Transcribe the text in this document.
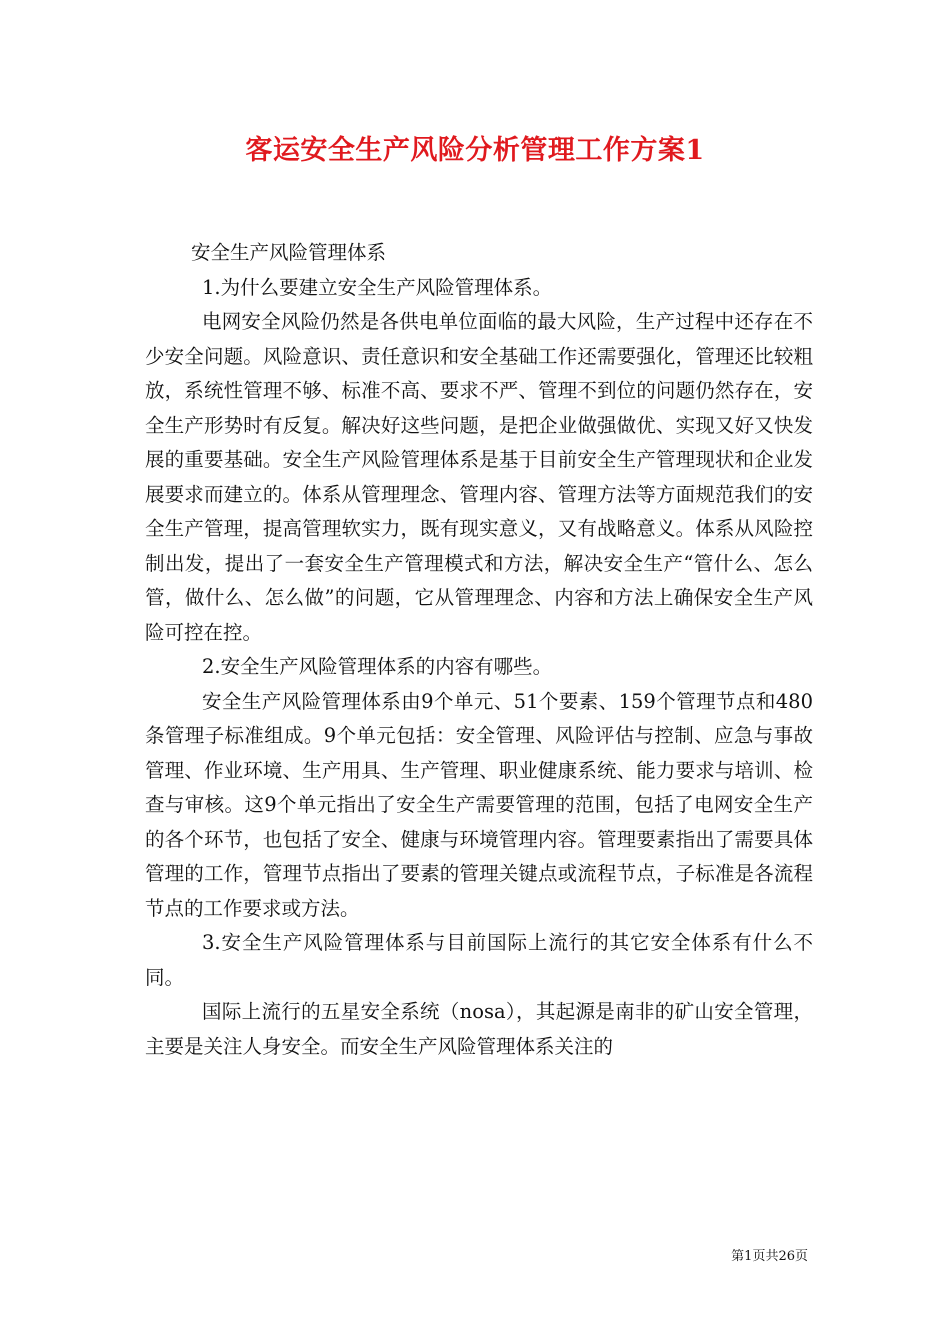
客运安全生产风险分析管理工作方案1

安全生产风险管理体系

1.为什么要建立安全生产风险管理体系。

电网安全风险仍然是各供电单位面临的最大风险，生产过程中还存在不少安全问题。风险意识、责任意识和安全基础工作还需要强化，管理还比较粗放，系统性管理不够、标准不高、要求不严、管理不到位的问题仍然存在，安全生产形势时有反复。解决好这些问题，是把企业做强做优、实现又好又快发展的重要基础。安全生产风险管理体系是基于目前安全生产管理现状和企业发展要求而建立的。体系从管理理念、管理内容、管理方法等方面规范我们的安全生产管理，提高管理软实力，既有现实意义，又有战略意义。体系从风险控制出发，提出了一套安全生产管理模式和方法，解决安全生产“管什么、怎么管，做什么、怎么做”的问题，它从管理理念、内容和方法上确保安全生产风险可控在控。

2.安全生产风险管理体系的内容有哪些。

安全生产风险管理体系由9个单元、51个要素、159个管理节点和480条管理子标准组成。9个单元包括：安全管理、风险评估与控制、应急与事故管理、作业环境、生产用具、生产管理、职业健康系统、能力要求与培训、检查与审核。这9个单元指出了安全生产需要管理的范围，包括了电网安全生产的各个环节，也包括了安全、健康与环境管理内容。管理要素指出了需要具体管理的工作，管理节点指出了要素的管理关键点或流程节点，子标准是各流程节点的工作要求或方法。

3.安全生产风险管理体系与目前国际上流行的其它安全体系有什么不同。

国际上流行的五星安全系统（nosa），其起源是南非的矿山安全管理，主要是关注人身安全。而安全生产风险管理体系关注的

第1页共26页
